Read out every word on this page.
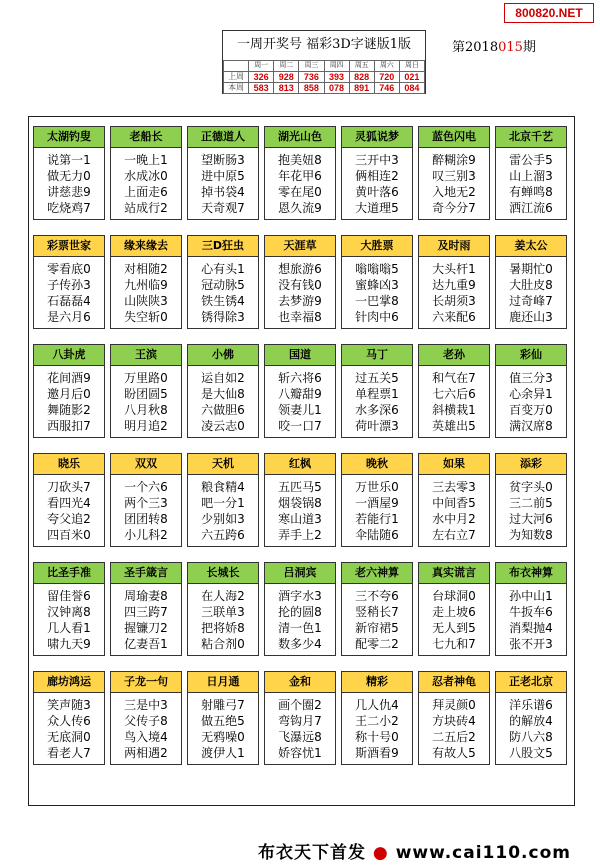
800820.NET
一周开奖号 福彩3D字谜版1版
	周一	周二	周三	周四	周五	周六	周日
上周	326	928	736	393	828	720	021
本周	583	813	858	078	891	746	084
第2018015期
太湖钓叟
说第一1
做无力0
讲慈悲9
吃烧鸡7
老船长
一晚上1
水成冰0
上面走6
站成行2
正德道人
望断肠3
进中原5
掉书袋4
天奇观7
湖光山色
抱美妞8
年花甲6
零在尾0
恩久流9
灵狐说梦
三开中3
俩相连2
黄叶落6
大道理5
蓝色闪电
醉糊涂9
叹三别3
入地无2
奇今分7
北京千艺
雷公手5
山上溜3
有蝉鸣8
洒江流6
彩票世家
零看底0
子传孙3
石磊磊4
是六月6
缘来缘去
对相随2
九州临9
山陕陕3
失空斩0
三D狂虫
心有头1
冠动脉5
铁生锈4
锈得除3
天涯草
想旅游6
没有钱0
去梦游9
也幸福8
大胜票
嗡嗡嗡5
蜜蜂凶3
一巴掌8
针肉中6
及时雨
大头杆1
达九重9
长胡须3
六来配6
姜太公
暑期忙0
大肚皮8
过奇峰7
鹿还山3
八卦虎
花间酒9
邀月后0
舞随影2
西服扣7
王滨
万里路0
盼团圆5
八月秋8
明月追2
小佛
运自如2
是大仙8
六做胆6
凌云志0
国道
斩六将6
八瓣甜9
领妻儿1
咬一口7
马丁
过五关5
单程票1
水多深6
荷叶漂3
老孙
和气在7
七六后6
斜横栽1
英雄出5
彩仙
值三分3
心余异1
百变万0
满汉席8
晓乐
刀砍头7
看四光4
夸父追2
四百米0
双双
一个六6
两个三3
团团转8
小儿科2
天机
粮食精4
吧一分1
少别如3
六五跨6
红枫
五匹马5
烟袋锅8
寒山道3
弄手上2
晚秋
万世乐0
一酒屋9
若能行1
伞陆随6
如果
三去零3
中间香5
水中月2
左右立7
添彩
贫字头0
三二前5
过大河6
为知数8
比圣手准
留佳誉6
汉钟离8
几人看1
啸九天9
圣手箴言
周瑜妻8
四三跨7
握镰刀2
亿妻吾1
长城长
在人海2
三联单3
把将娇8
粘合剂0
吕洞宾
酒字水3
抡的圆8
清一色1
数多少4
老六神算
三不夸6
竖稍长7
新帘裙5
配零二2
真实谎言
台球洞0
走上坡6
无人到5
七九和7
布衣神算
孙中山1
牛扳车6
消梨抛4
张不开3
廊坊鸿运
笑声随3
众人传6
无底洞0
看老人7
子龙一句
三是中3
父传子8
鸟入境4
两相遇2
日月通
射雕弓7
做五绝5
无鸦噪0
渡伊人1
金和
画个圈2
弯钩月7
飞瀑远8
娇容忧1
精彩
几人仇4
王二小2
称十号0
斯酒看9
忍者神龟
拜灵颜0
方块砖4
二五后2
有故人5
正老北京
洋乐谱6
的解放4
防八六8
八股文5
布衣天下首发 ● www.cai110.com
